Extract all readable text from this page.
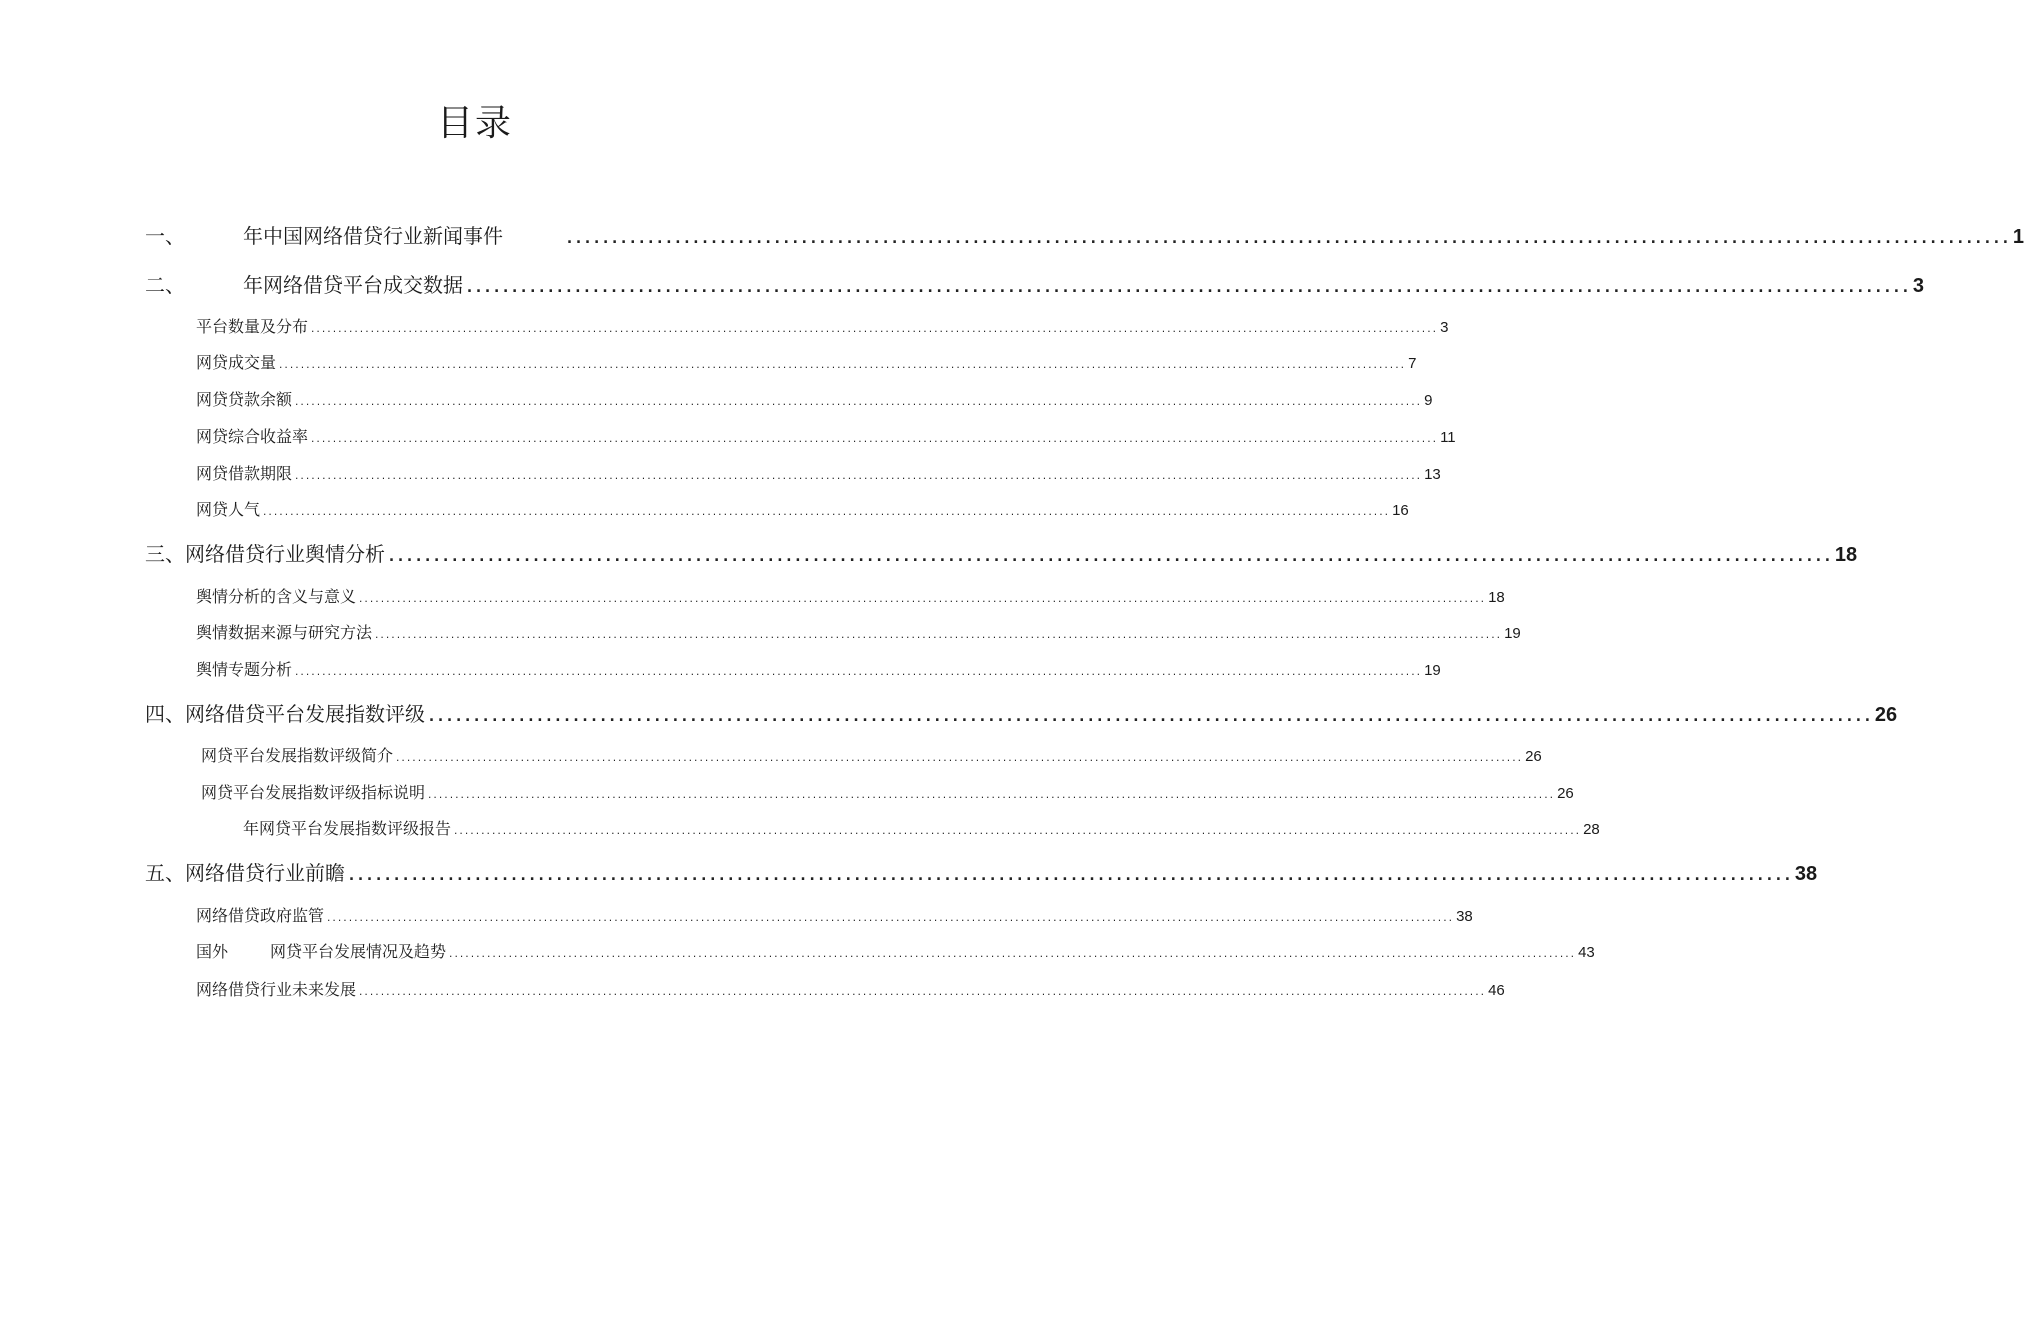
目录
一、	年中国网络借贷行业新闻事件	................................................................................................................................................................ 1
二、	年网络借贷平台成交数据 ................................................................................................................................................................ 3
平台数量及分布 ................................................................................................................................................................................................................ 3
网贷成交量 ................................................................................................................................................................................................................ 7
网贷贷款余额 ................................................................................................................................................................................................................ 9
网贷综合收益率 ................................................................................................................................................................................................................ 11
网贷借款期限 ................................................................................................................................................................................................................ 13
网贷人气 ................................................................................................................................................................................................................ 16
三、 网络借贷行业舆情分析 ................................................................................................................................................................ 18
舆情分析的含义与意义 ................................................................................................................................................................................................................ 18
舆情数据来源与研究方法 ................................................................................................................................................................................................................ 19
舆情专题分析 ................................................................................................................................................................................................................ 19
四、 网络借贷平台发展指数评级 ................................................................................................................................................................ 26
网贷平台发展指数评级简介 ................................................................................................................................................................................................................ 26
网贷平台发展指数评级指标说明 ................................................................................................................................................................................................................ 26
年网贷平台发展指数评级报告 ................................................................................................................................................................................................................ 28
五、 网络借贷行业前瞻 ................................................................................................................................................................ 38
网络借贷政府监管 ................................................................................................................................................................................................................ 38
国外	网贷平台发展情况及趋势 ................................................................................................................................................................................................................ 43
网络借贷行业未来发展 ................................................................................................................................................................................................................ 46
